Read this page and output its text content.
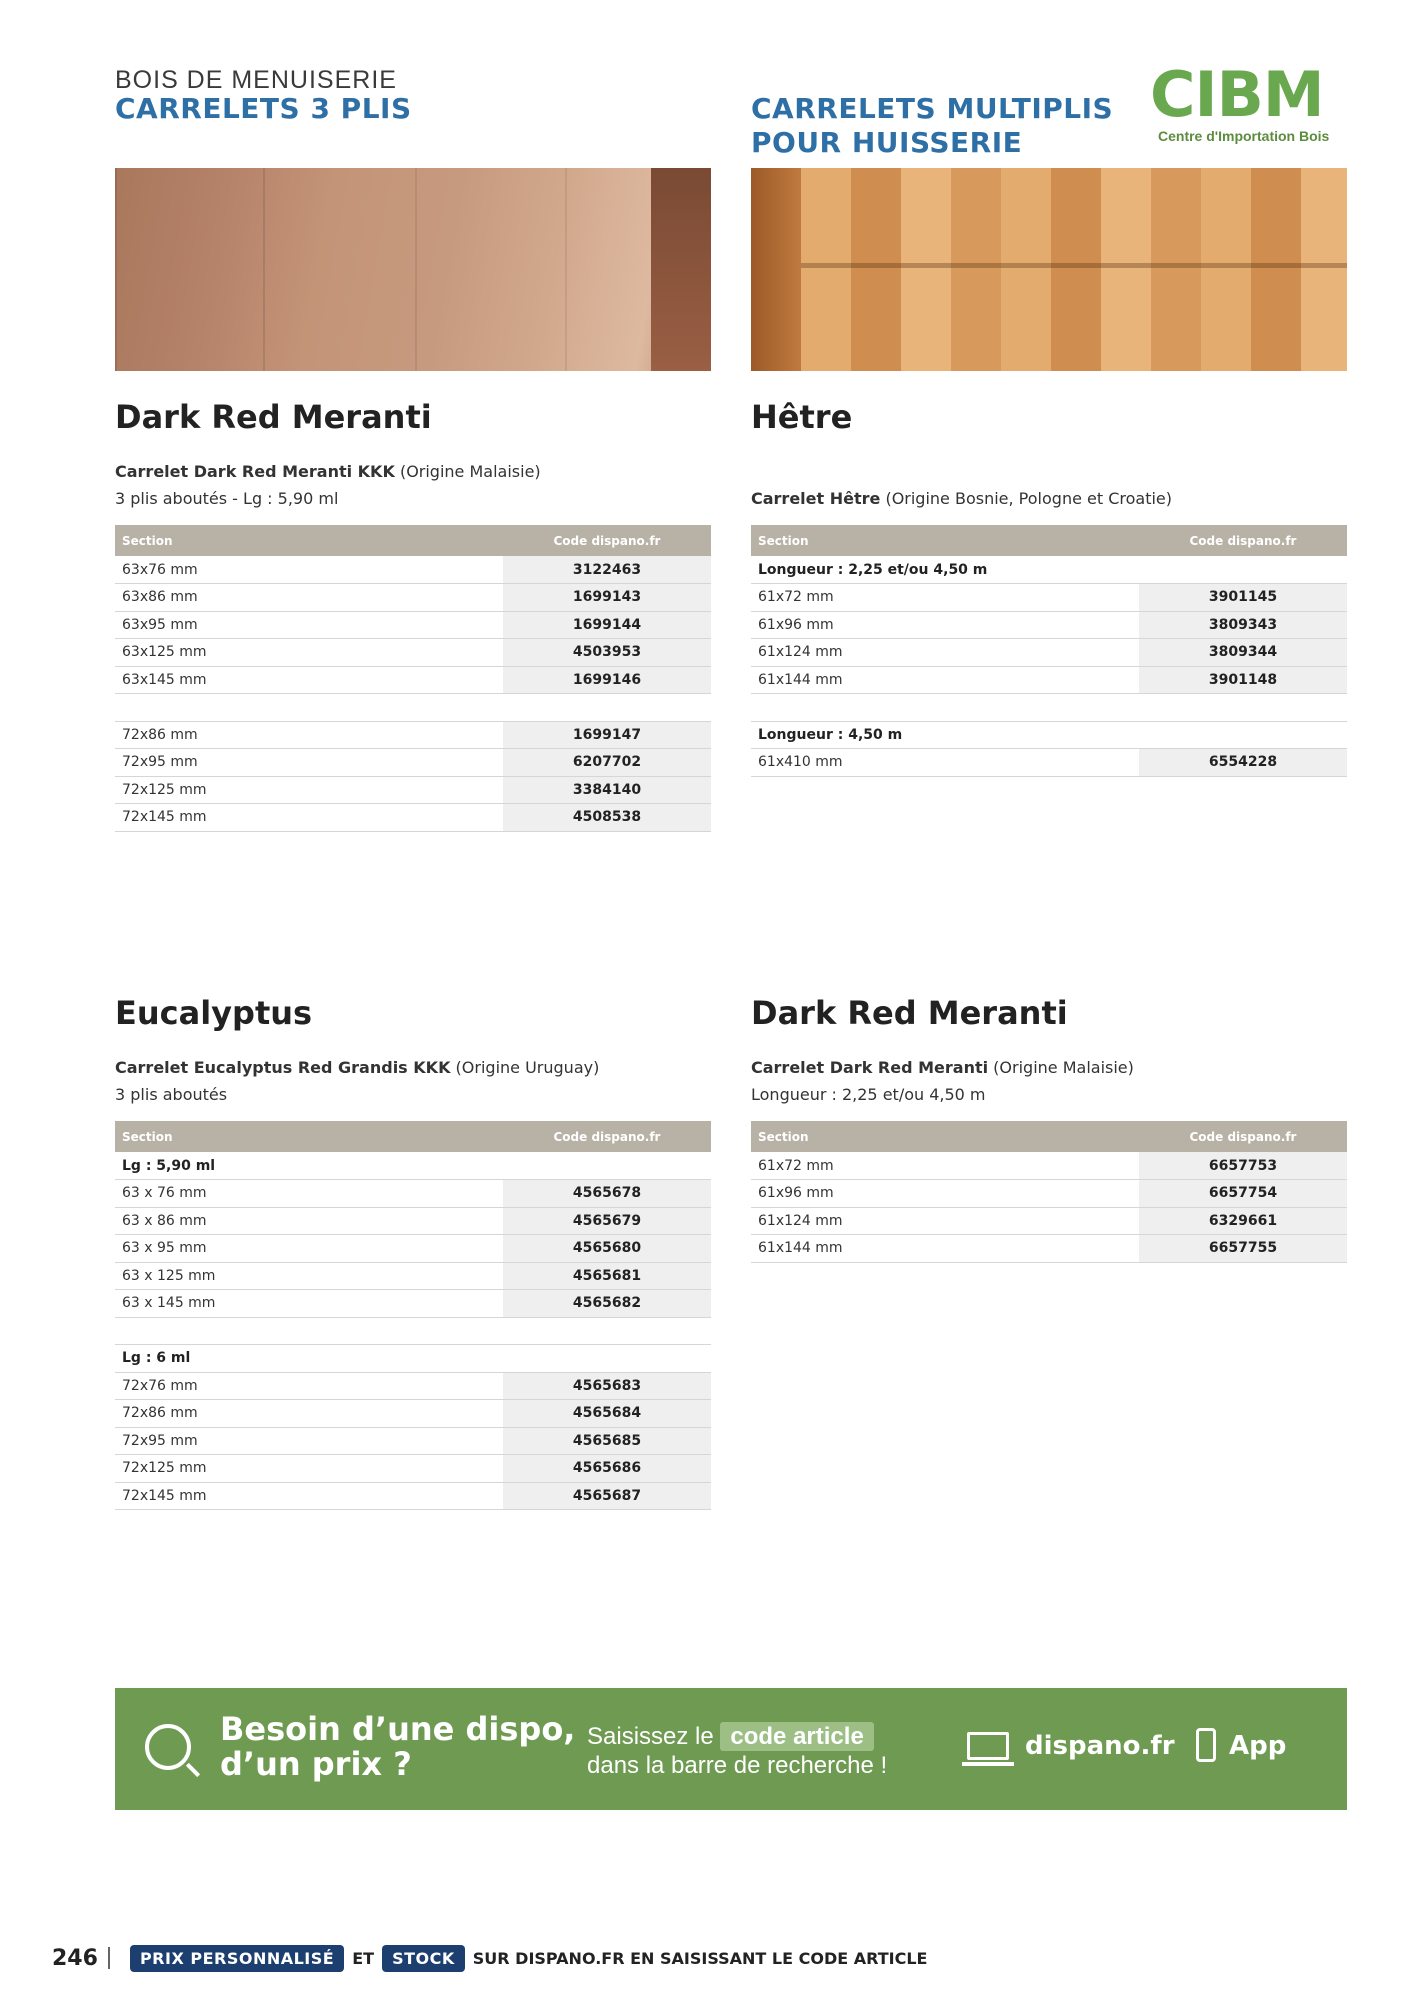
BOIS DE MENUISERIE
CARRELETS 3 PLIS	CARRELETS MULTIPLIS
POUR HUISSERIE
CIBM
Centre d'Importation Bois
Dark Red Meranti
Carrelet Dark Red Meranti KKK (Origine Malaisie)
3 plis aboutés - Lg : 5,90 ml
Section	Code dispano.fr
63x76 mm	3122463
63x86 mm	1699143
63x95 mm	1699144
63x125 mm	4503953
63x145 mm	1699146

72x86 mm	1699147
72x95 mm	6207702
72x125 mm	3384140
72x145 mm	4508538
Hêtre
Carrelet Hêtre (Origine Bosnie, Pologne et Croatie)
Section	Code dispano.fr
Longueur : 2,25 et/ou 4,50 m	
61x72 mm	3901145
61x96 mm	3809343
61x124 mm	3809344
61x144 mm	3901148

Longueur : 4,50 m	
61x410 mm	6554228
Eucalyptus
Carrelet Eucalyptus Red Grandis KKK (Origine Uruguay)
3 plis aboutés
Section	Code dispano.fr
Lg : 5,90 ml	
63 x 76 mm	4565678
63 x 86 mm	4565679
63 x 95 mm	4565680
63 x 125 mm	4565681
63 x 145 mm	4565682

Lg : 6 ml	
72x76 mm	4565683
72x86 mm	4565684
72x95 mm	4565685
72x125 mm	4565686
72x145 mm	4565687
Dark Red Meranti
Carrelet Dark Red Meranti (Origine Malaisie)
Longueur : 2,25 et/ou 4,50 m
Section	Code dispano.fr
61x72 mm	6657753
61x96 mm	6657754
61x124 mm	6329661
61x144 mm	6657755
Besoin d’une dispo,
d’un prix ?
Saisissez le code article
dans la barre de recherche !
dispano.fr App
246	PRIX PERSONNALISÉ	ET	STOCK	SUR DISPANO.FR EN SAISISSANT LE CODE ARTICLE
